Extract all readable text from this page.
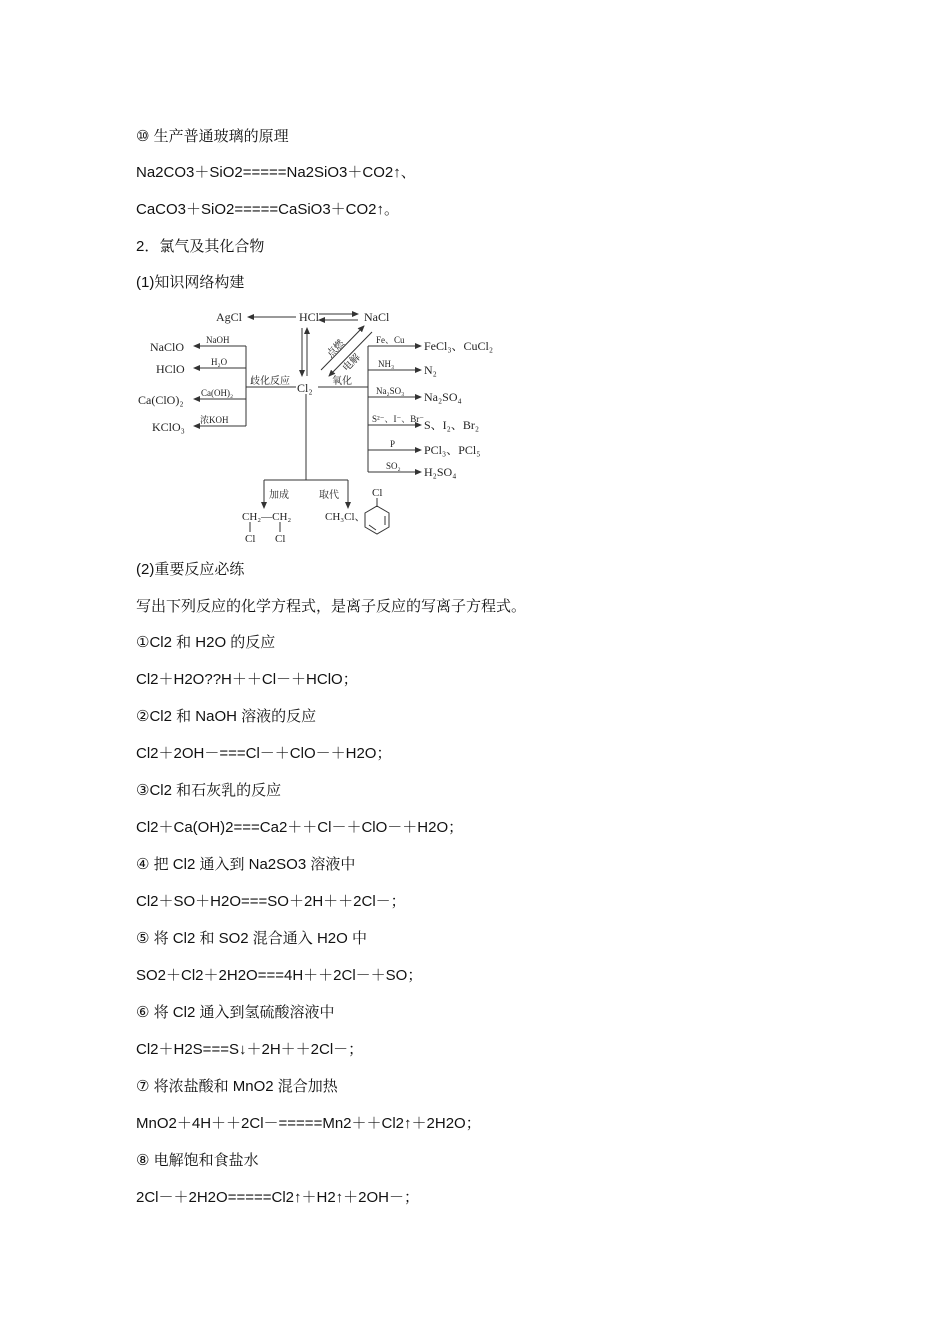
⑩ 生产普通玻璃的原理
Na2CO3＋SiO2=====Na2SiO3＋CO2↑、
CaCO3＋SiO2=====CaSiO3＋CO2↑。
2．氯气及其化合物
(1)知识网络构建
HCl
AgCl	NaCl
点燃
电解
Cl₂
歧化反应
NaClO
HClO
Ca(ClO)₂
KClO₃
NaOH
H₂O
Ca(OH)₂
浓KOH
氧化
Fe、Cu
NH₃
Na₂SO₃
S²⁻、I⁻、Br⁻
P
SO₂
FeCl₃、CuCl₂
N₂
Na₂SO₄
S、I₂、Br₂
PCl₃、PCl₅
H₂SO₄
加成	取代
CH₂—CH₂
Cl Cl
CH₃Cl、
Cl
(2)重要反应必练
写出下列反应的化学方程式，是离子反应的写离子方程式。
①Cl2 和 H2O 的反应
Cl2＋H2O??H＋＋Cl－＋HClO；
②Cl2 和 NaOH 溶液的反应
Cl2＋2OH－===Cl－＋ClO－＋H2O；
③Cl2 和石灰乳的反应
Cl2＋Ca(OH)2===Ca2＋＋Cl－＋ClO－＋H2O；
④ 把 Cl2 通入到 Na2SO3 溶液中
Cl2＋SO＋H2O===SO＋2H＋＋2Cl－；
⑤ 将 Cl2 和 SO2 混合通入 H2O 中
SO2＋Cl2＋2H2O===4H＋＋2Cl－＋SO；
⑥ 将 Cl2 通入到氢硫酸溶液中
Cl2＋H2S===S↓＋2H＋＋2Cl－；
⑦ 将浓盐酸和 MnO2 混合加热
MnO2＋4H＋＋2Cl－=====Mn2＋＋Cl2↑＋2H2O；
⑧ 电解饱和食盐水
2Cl－＋2H2O=====Cl2↑＋H2↑＋2OH－；
